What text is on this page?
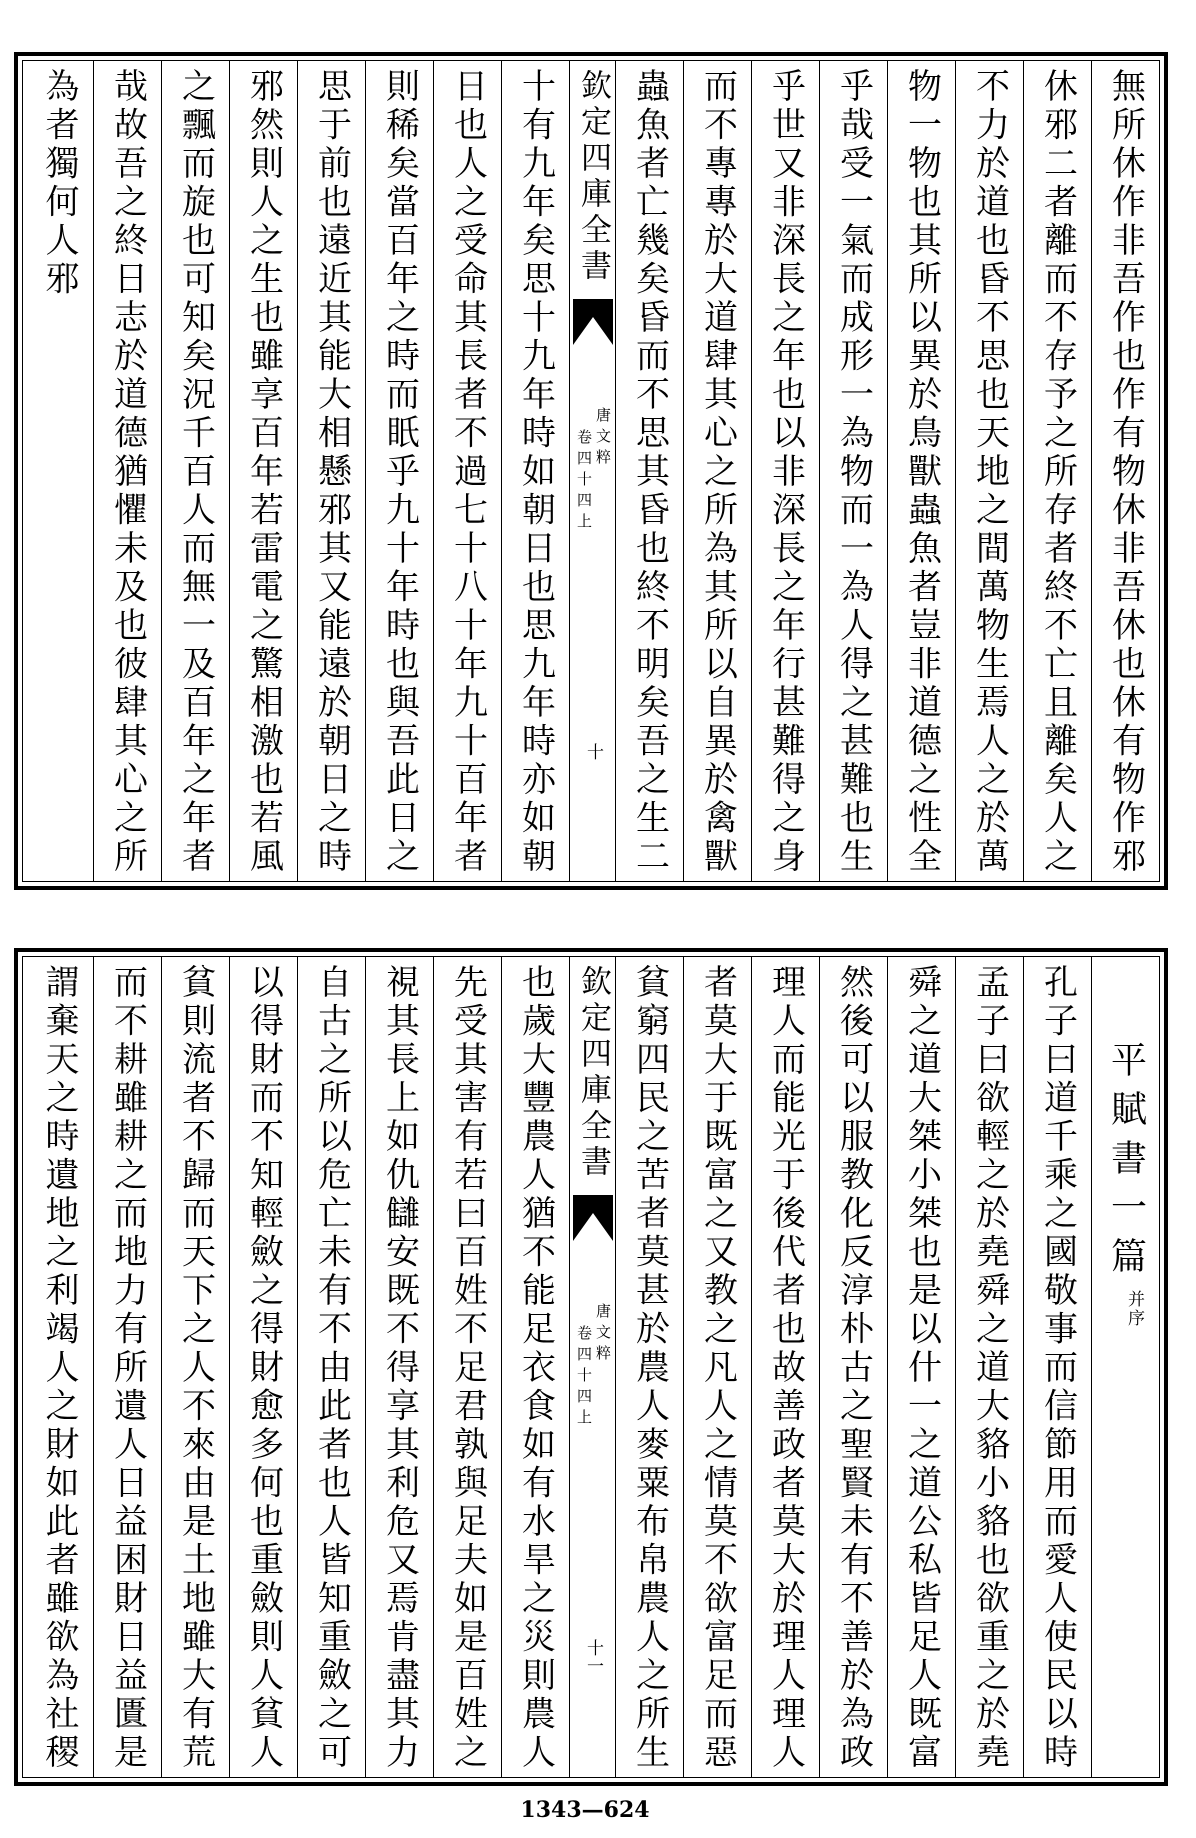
無所休作非吾作也作有物休非吾休也休有物作邪
休邪二者離而不存予之所存者終不亡且離矣人之
不力於道也昏不思也天地之間萬物生焉人之於萬
物一物也其所以異於鳥獸蟲魚者豈非道德之性全
乎哉受一氣而成形一為物而一為人得之甚難也生
乎世又非深長之年也以非深長之年行甚難得之身
而不專專於大道肆其心之所為其所以自異於禽獸
蟲魚者亡幾矣昏而不思其昏也終不明矣吾之生二
欽定四庫全書
唐文粹
卷四十四上
十
十有九年矣思十九年時如朝日也思九年時亦如朝
日也人之受命其長者不過七十八十年九十百年者
則稀矣當百年之時而眂乎九十年時也與吾此日之
思于前也遠近其能大相懸邪其又能遠於朝日之時
邪然則人之生也雖享百年若雷電之驚相激也若風
之飄而旋也可知矣況千百人而無一及百年之年者
哉故吾之終日志於道德猶懼未及也彼肆其心之所
為者獨何人邪
平賦書一篇
并序
孔子曰道千乘之國敬事而信節用而愛人使民以時
孟子曰欲輕之於堯舜之道大貉小貉也欲重之於堯
舜之道大桀小桀也是以什一之道公私皆足人既富
然後可以服教化反淳朴古之聖賢未有不善於為政
理人而能光于後代者也故善政者莫大於理人理人
者莫大于既富之又教之凡人之情莫不欲富足而惡
貧窮四民之苦者莫甚於農人麥粟布帛農人之所生
欽定四庫全書
唐文粹
卷四十四上
十一
也歲大豐農人猶不能足衣食如有水旱之災則農人
先受其害有若曰百姓不足君孰與足夫如是百姓之
視其長上如仇讎安既不得享其利危又焉肯盡其力
自古之所以危亡未有不由此者也人皆知重斂之可
以得財而不知輕斂之得財愈多何也重斂則人貧人
貧則流者不歸而天下之人不來由是土地雖大有荒
而不耕雖耕之而地力有所遺人日益困財日益匱是
謂棄天之時遺地之利竭人之財如此者雖欲為社稷
1343—624
